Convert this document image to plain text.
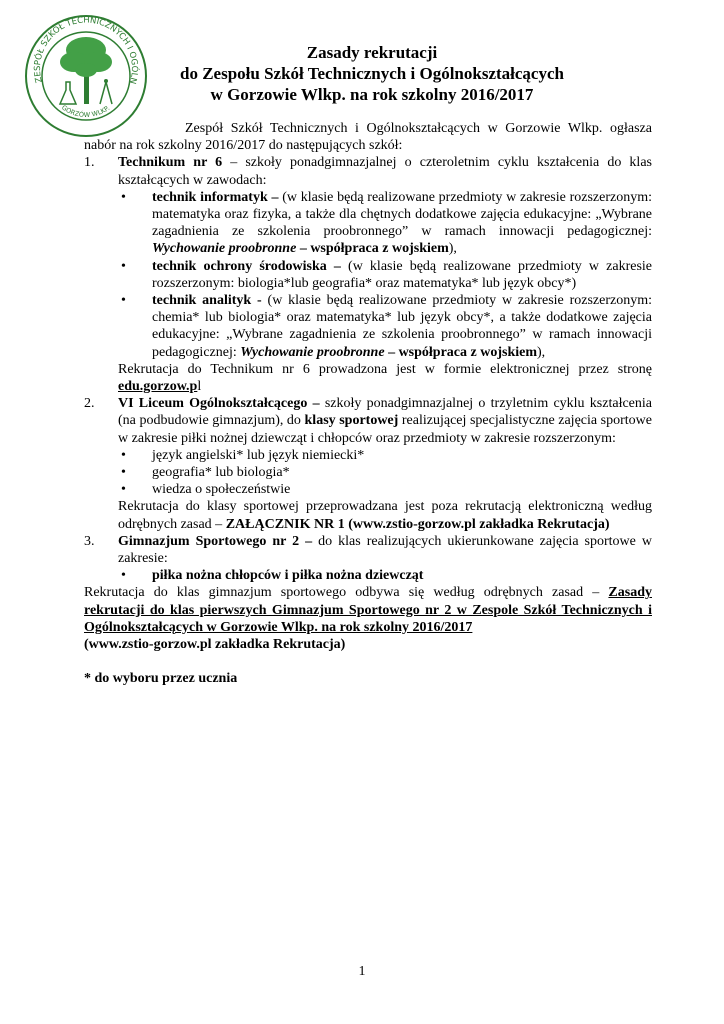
ZESPÓŁ SZKÓŁ TECHNICZNYCH I OGÓLN
GORZÓW WLKP.
Zasady rekrutacji
do Zespołu Szkół Technicznych i Ogólnokształcących
w Gorzowie Wlkp. na rok szkolny 2016/2017
Zespół Szkół Technicznych i Ogólnokształcących w Gorzowie Wlkp. ogłasza nabór na rok szkolny 2016/2017 do następujących szkół:
1. Technikum nr 6 – szkoły ponadgimnazjalnej o czteroletnim cyklu kształcenia do klas kształcących w zawodach:
• technik informatyk – (w klasie będą realizowane przedmioty w zakresie rozszerzonym: matematyka oraz fizyka, a także dla chętnych dodatkowe zajęcia edukacyjne: „Wybrane zagadnienia ze szkolenia proobronnego” w ramach innowacji pedagogicznej: Wychowanie proobronne – współpraca z wojskiem),
• technik ochrony środowiska – (w klasie będą realizowane przedmioty w zakresie rozszerzonym: biologia*lub geografia* oraz matematyka* lub język obcy*)
• technik analityk - (w klasie będą realizowane przedmioty w zakresie rozszerzonym: chemia* lub biologia* oraz matematyka* lub język obcy*, a także dodatkowe zajęcia edukacyjne: „Wybrane zagadnienia ze szkolenia proobronnego” w ramach innowacji pedagogicznej: Wychowanie proobronne – współpraca z wojskiem),
Rekrutacja do Technikum nr 6 prowadzona jest w formie elektronicznej przez stronę edu.gorzow.pl
2. VI Liceum Ogólnokształcącego – szkoły ponadgimnazjalnej o trzyletnim cyklu kształcenia (na podbudowie gimnazjum), do klasy sportowej realizującej specjalistyczne zajęcia sportowe w zakresie piłki nożnej dziewcząt i chłopców oraz przedmioty w zakresie rozszerzonym:
• język angielski* lub język niemiecki*
• geografia* lub biologia*
• wiedza o społeczeństwie
Rekrutacja do klasy sportowej przeprowadzana jest poza rekrutacją elektroniczną według odrębnych zasad – ZAŁĄCZNIK NR 1 (www.zstio-gorzow.pl zakładka Rekrutacja)
3. Gimnazjum Sportowego nr 2 – do klas realizujących ukierunkowane zajęcia sportowe w zakresie:
• piłka nożna chłopców i piłka nożna dziewcząt
Rekrutacja do klas gimnazjum sportowego odbywa się według odrębnych zasad – Zasady rekrutacji do klas pierwszych Gimnazjum Sportowego nr 2 w Zespole Szkół Technicznych i Ogólnokształcących w Gorzowie Wlkp. na rok szkolny 2016/2017
(www.zstio-gorzow.pl zakładka Rekrutacja)
* do wyboru przez ucznia
1
